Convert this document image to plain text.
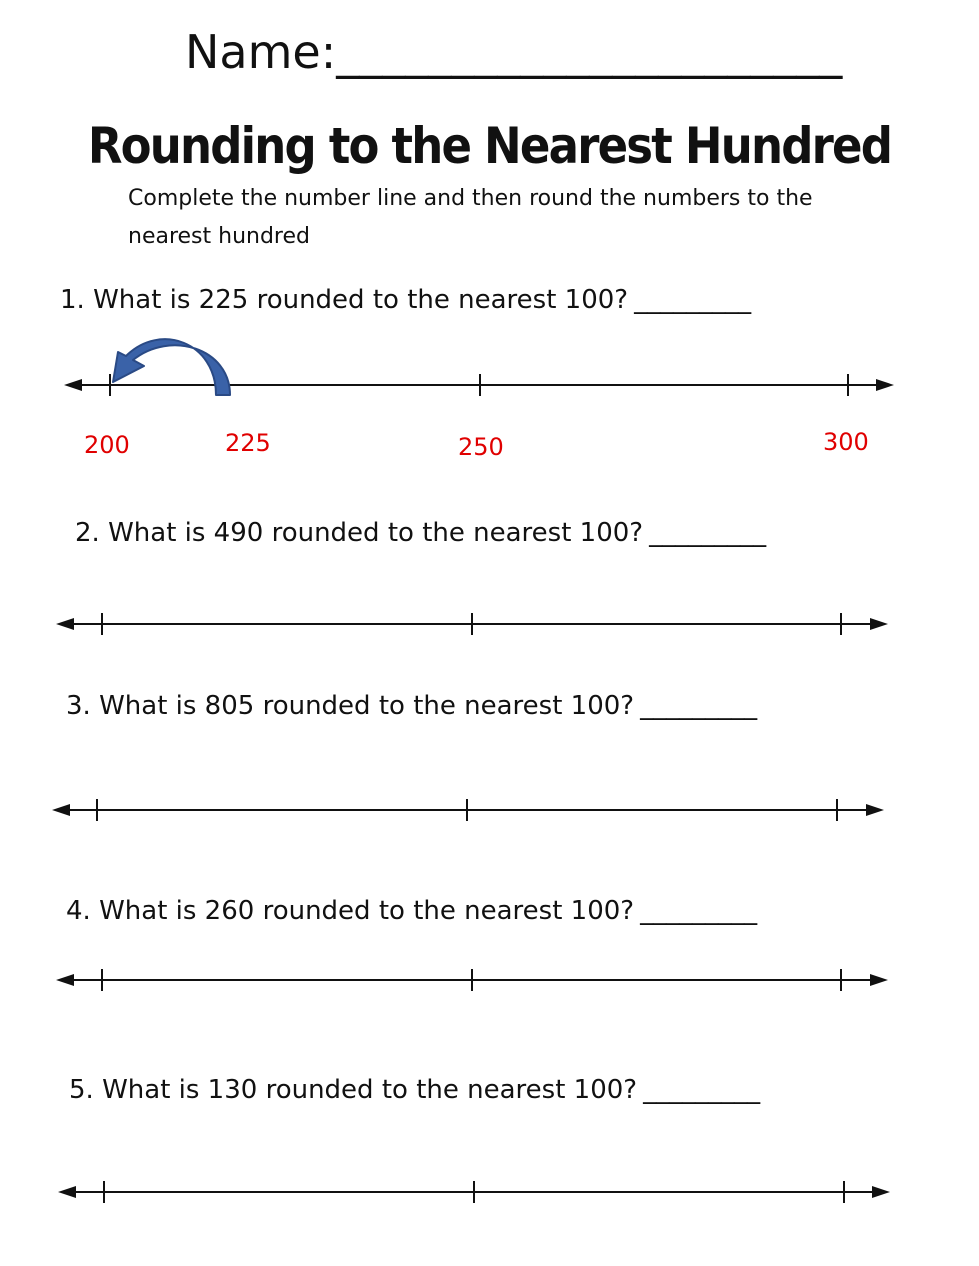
Name:______________________
Rounding to the Nearest Hundred
Complete the number line and then round the numbers to the
nearest hundred
1. What is 225 rounded to the nearest 100? _________
200	225	250	300
2. What is 490 rounded to the nearest 100? _________
3. What is 805 rounded to the nearest 100? _________
4. What is 260 rounded to the nearest 100? _________
5. What is 130 rounded to the nearest 100? _________
